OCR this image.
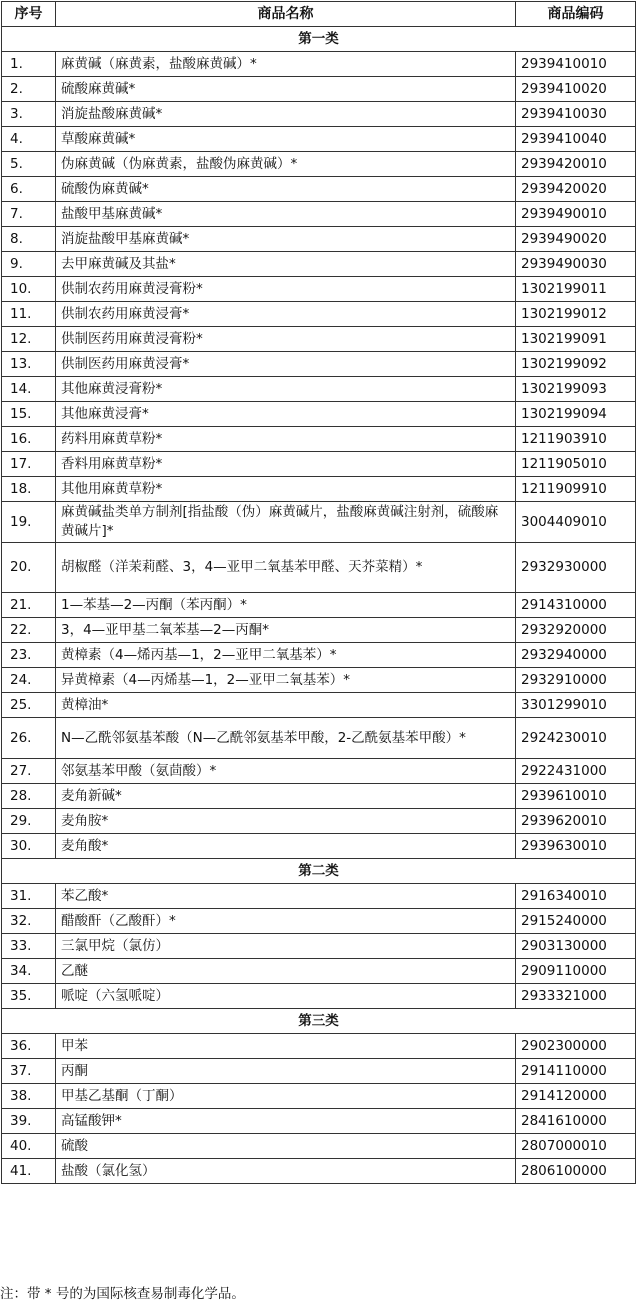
序号	商品名称	商品编码
第一类		
1.	麻黄碱（麻黄素，盐酸麻黄碱）*	2939410010
2.	硫酸麻黄碱*	2939410020
3.	消旋盐酸麻黄碱*	2939410030
4.	草酸麻黄碱*	2939410040
5.	伪麻黄碱（伪麻黄素，盐酸伪麻黄碱）*	2939420010
6.	硫酸伪麻黄碱*	2939420020
7.	盐酸甲基麻黄碱*	2939490010
8.	消旋盐酸甲基麻黄碱*	2939490020
9.	去甲麻黄碱及其盐*	2939490030
10.	供制农药用麻黄浸膏粉*	1302199011
11.	供制农药用麻黄浸膏*	1302199012
12.	供制医药用麻黄浸膏粉*	1302199091
13.	供制医药用麻黄浸膏*	1302199092
14.	其他麻黄浸膏粉*	1302199093
15.	其他麻黄浸膏*	1302199094
16.	药料用麻黄草粉*	1211903910
17.	香料用麻黄草粉*	1211905010
18.	其他用麻黄草粉*	1211909910
19.	麻黄碱盐类单方制剂[指盐酸（伪）麻黄碱片，盐酸麻黄碱注射剂，硫酸麻黄碱片]*	3004409010
20.	胡椒醛（洋茉莉醛、3，4—亚甲二氧基苯甲醛、天芥菜精）*	2932930000
21.	1—苯基—2—丙酮（苯丙酮）*	2914310000
22.	3，4—亚甲基二氧苯基—2—丙酮*	2932920000
23.	黄樟素（4—烯丙基—1，2—亚甲二氧基苯）*	2932940000
24.	异黄樟素（4—丙烯基—1，2—亚甲二氧基苯）*	2932910000
25.	黄樟油*	3301299010
26.	N—乙酰邻氨基苯酸（N—乙酰邻氨基苯甲酸，2-乙酰氨基苯甲酸）*	2924230010
27.	邻氨基苯甲酸（氨茴酸）*	2922431000
28.	麦角新碱*	2939610010
29.	麦角胺*	2939620010
30.	麦角酸*	2939630010
第二类		
31.	苯乙酸*	2916340010
32.	醋酸酐（乙酸酐）*	2915240000
33.	三氯甲烷（氯仿）	2903130000
34.	乙醚	2909110000
35.	哌啶（六氢哌啶）	2933321000
第三类		
36.	甲苯	2902300000
37.	丙酮	2914110000
38.	甲基乙基酮（丁酮）	2914120000
39.	高锰酸钾*	2841610000
40.	硫酸	2807000010
41.	盐酸（氯化氢）	2806100000
注：带 * 号的为国际核查易制毒化学品。
